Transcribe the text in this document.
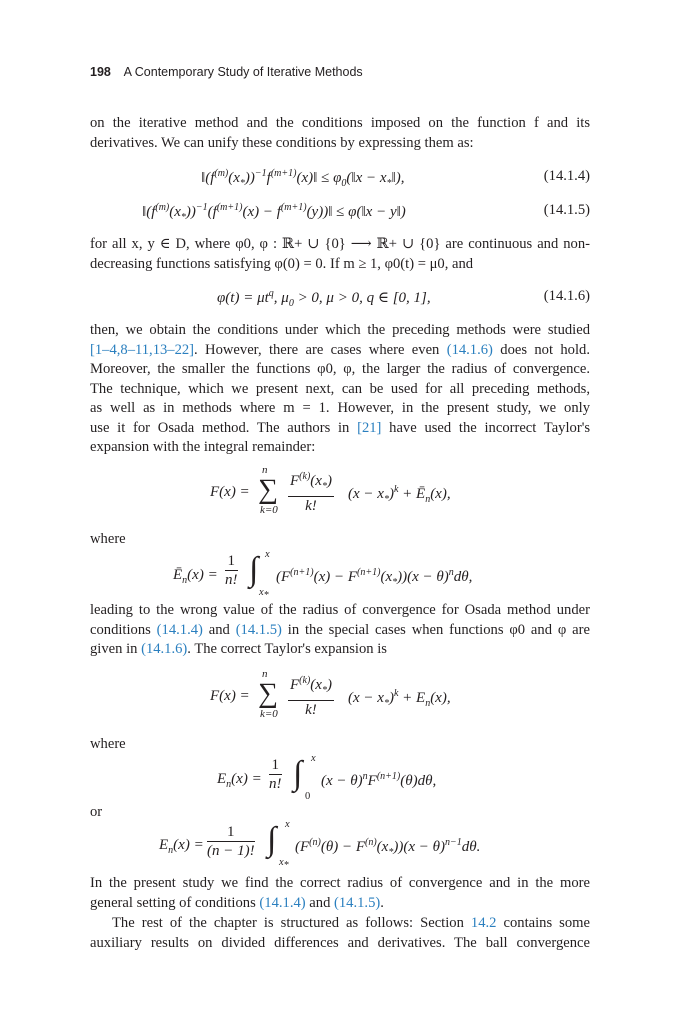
198 A Contemporary Study of Iterative Methods
on the iterative method and the conditions imposed on the function f and its
derivatives. We can unify these conditions by expressing them as:
$‖(f^{(m)}(x_*))^{-1}f^{(m+1)}(x)‖$ ≤ $\varphi_0(‖x$ − $x_*‖$),	(14.1.4)
$‖(f^{(m)}(x_*))^{-1}(f^{(m+1)}(x)$ − $f^{(m+1)}(y))‖$ ≤ φ(‖x − y‖)	(14.1.5)
for all x, y ∈ D, where φ0, φ : ℝ+ ∪ {0} ⟶ ℝ+ ∪ {0} are continuous and non-
decreasing functions satisfying φ(0) = 0. If m ≥ 1, φ0(t) = μ0, and
$\varphi(t) = \mu t^q$, $\mu_0 > 0$, μ > 0, q ∈ [0, 1],	(14.1.6)
then, we obtain the conditions under which the preceding methods were studied
[1–4,8–11,13–22]. However, there are cases where even (14.1.6) does not hold.
Moreover, the smaller the functions φ0, φ, the larger the radius of convergence.
The technique, which we present next, can be used for all preceding methods,
as well as in methods where m = 1. However, in the present study, we only
use it for Osada method. The authors in [21] have used the incorrect Taylor's
expansion with the integral remainder:
F(x) =
n
∑
$k=0 \frac{F^{(k)}(x_*)}{k!} (x - x_*)^k$ + $Ē_n(x)$,
where
$Ē_n(x) = \frac{1}{n!}$ ∫ x
$x_*$
$(F^{(n+1)}(x) - F^{(n+1)}(x_*))(x - \theta)^nd\theta$,
leading to the wrong value of the radius of convergence for Osada method under
conditions (14.1.4) and (14.1.5) in the special cases when functions φ0 and φ are
given in (14.1.6). The correct Taylor's expansion is
F(x) =
n
∑
$k=0 \frac{F^{(k)}(x_*)}{k!} (x - x_*)^k + E_n(x)$,
where
$E_n(x) = \frac{1}{n!}$ ∫ x
0
$(x - \theta)^nF^{(n+1)}(\theta)d\theta$,
or
$E_n(x) = \frac{1}{(n - 1)!}$ ∫ x
$x_*$
$(F^{(n)}(\theta) - F^{(n)}(x_*))(x - \theta)^{n-1}d\theta$.
In the present study we find the correct radius of convergence and in the more
general setting of conditions (14.1.4) and (14.1.5).
The rest of the chapter is structured as follows: Section 14.2 contains some
auxiliary results on divided differences and derivatives. The ball convergence
